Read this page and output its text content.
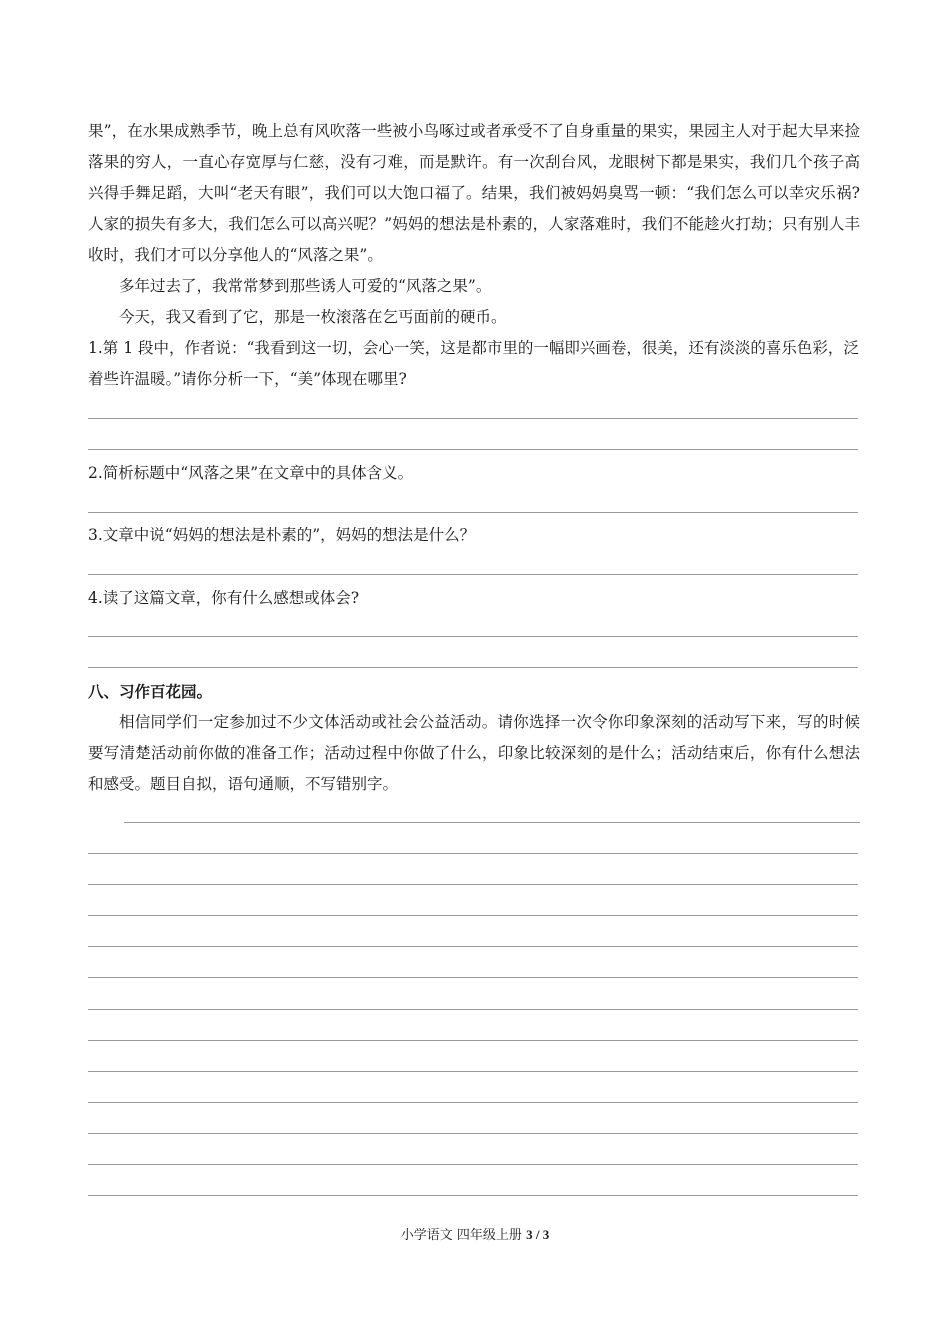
果”，在水果成熟季节，晚上总有风吹落一些被小鸟啄过或者承受不了自身重量的果实，果园主人对于起大早来捡落果的穷人，一直心存宽厚与仁慈，没有刁难，而是默许。有一次刮台风，龙眼树下都是果实，我们几个孩子高兴得手舞足蹈，大叫“老天有眼”，我们可以大饱口福了。结果，我们被妈妈臭骂一顿：“我们怎么可以幸灾乐祸?人家的损失有多大，我们怎么可以高兴呢？”妈妈的想法是朴素的，人家落难时，我们不能趁火打劫；只有别人丰收时，我们才可以分享他人的“风落之果”。

多年过去了，我常常梦到那些诱人可爱的“风落之果”。

今天，我又看到了它，那是一枚滚落在乞丐面前的硬币。

1.第 1 段中，作者说：“我看到这一切，会心一笑，这是都市里的一幅即兴画卷，很美，还有淡淡的喜乐色彩，泛着些许温暖。”请你分析一下，“美”体现在哪里?

2.简析标题中“风落之果”在文章中的具体含义。

3.文章中说“妈妈的想法是朴素的”，妈妈的想法是什么？

4.读了这篇文章，你有什么感想或体会?

八、习作百花园。

相信同学们一定参加过不少文体活动或社会公益活动。请你选择一次令你印象深刻的活动写下来，写的时候要写清楚活动前你做的准备工作；活动过程中你做了什么，印象比较深刻的是什么；活动结束后，你有什么想法和感受。题目自拟，语句通顺，不写错别字。

小学语文 四年级上册 3 / 3
